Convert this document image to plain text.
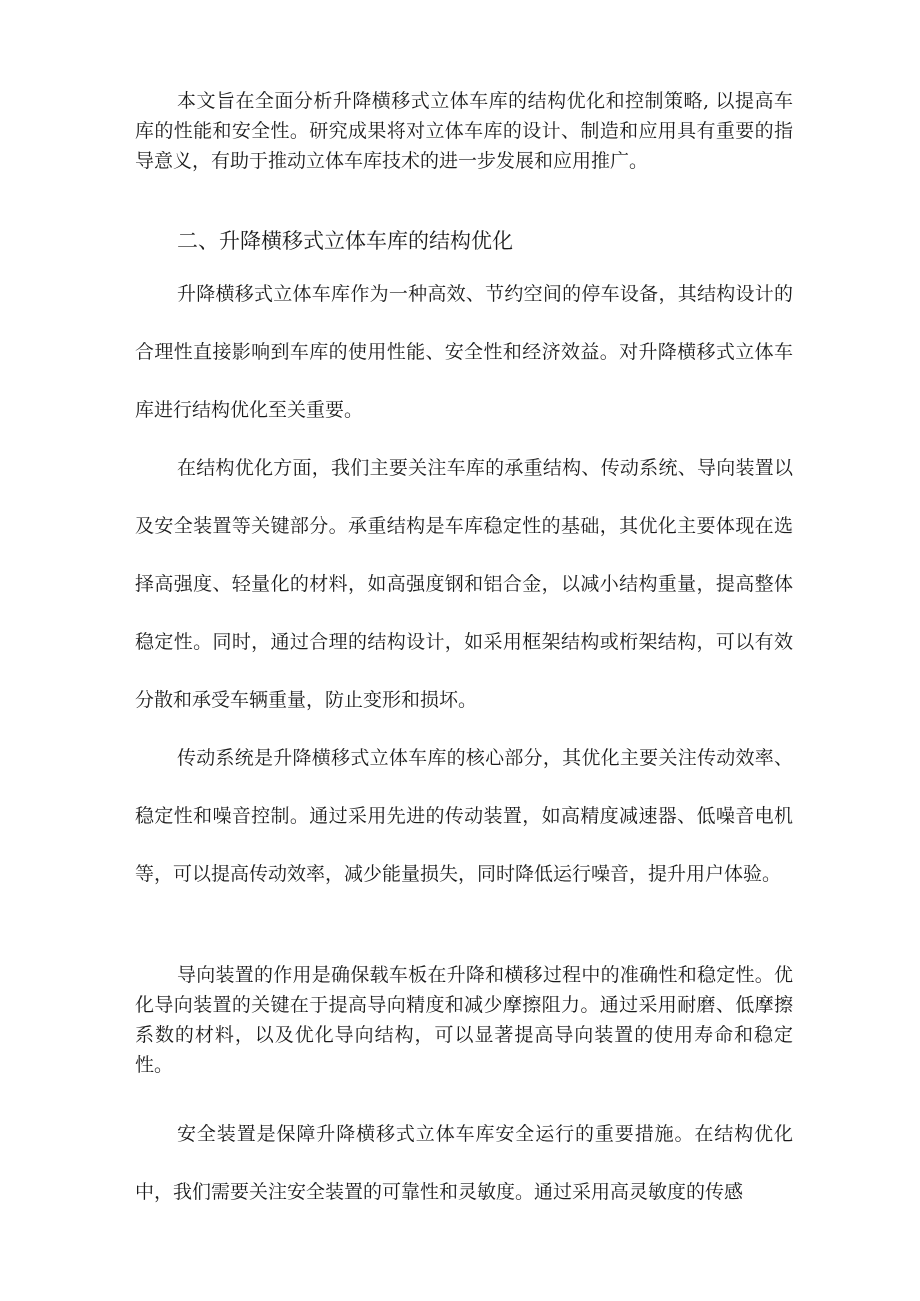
本文旨在全面分析升降横移式立体车库的结构优化和控制策略, 以提高车库的性能和安全性。研究成果将对立体车库的设计、制造和应用具有重要的指导意义，有助于推动立体车库技术的进一步发展和应用推广。

二、升降横移式立体车库的结构优化

升降横移式立体车库作为一种高效、节约空间的停车设备，其结构设计的合理性直接影响到车库的使用性能、安全性和经济效益。对升降横移式立体车库进行结构优化至关重要。

在结构优化方面，我们主要关注车库的承重结构、传动系统、导向装置以及安全装置等关键部分。承重结构是车库稳定性的基础，其优化主要体现在选择高强度、轻量化的材料，如高强度钢和铝合金，以减小结构重量，提高整体稳定性。同时，通过合理的结构设计，如采用框架结构或桁架结构，可以有效分散和承受车辆重量，防止变形和损坏。

传动系统是升降横移式立体车库的核心部分，其优化主要关注传动效率、稳定性和噪音控制。通过采用先进的传动装置，如高精度减速器、低噪音电机等，可以提高传动效率，减少能量损失，同时降低运行噪音，提升用户体验。

导向装置的作用是确保载车板在升降和横移过程中的准确性和稳定性。优化导向装置的关键在于提高导向精度和减少摩擦阻力。通过采用耐磨、低摩擦系数的材料，以及优化导向结构，可以显著提高导向装置的使用寿命和稳定性。

安全装置是保障升降横移式立体车库安全运行的重要措施。在结构优化中，我们需要关注安全装置的可靠性和灵敏度。通过采用高灵敏度的传感
